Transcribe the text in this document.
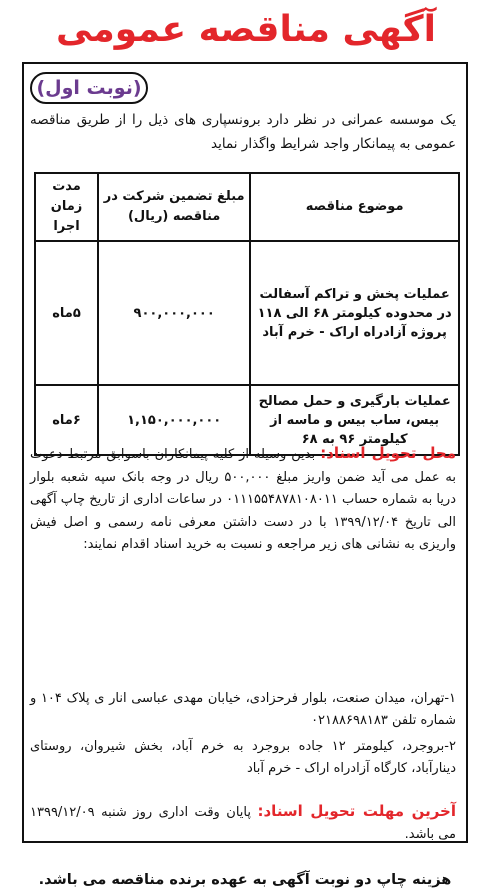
آگهی مناقصه عمومی
(نوبت اول)
یک موسسه عمرانی در نظر دارد برونسپاری های ذیل را از طریق مناقصه عمومی به پیمانکار واجد شرایط واگذار نماید
موضوع مناقصه	مبلغ تضمین شرکت در مناقصه (ریال)	مدت زمان اجرا
عملیات پخش و تراکم آسفالت در محدوده کیلومتر ۶۸ الی ۱۱۸ پروژه آزادراه اراک - خرم آباد	۹۰۰,۰۰۰,۰۰۰	۵ماه
عملیات بارگیری و حمل مصالح بیس، ساب بیس و ماسه از کیلومتر ۹۶ به ۶۸	۱,۱۵۰,۰۰۰,۰۰۰	۶ماه
محل تحویل اسناد: بدین وسیله از کلیه پیمانکاران باسوابق مرتبط دعوت به عمل می آید ضمن واریز مبلغ ۵۰۰,۰۰۰ ریال در وجه بانک سپه شعبه بلوار دریا به شماره حساب ۰۱۱۱۵۵۴۸۷۸۱۰۸۰۱۱ در ساعات اداری از تاریخ چاپ آگهی الی تاریخ ۱۳۹۹/۱۲/۰۴ با در دست داشتن معرفی نامه رسمی و اصل فیش واریزی به نشانی های زیر مراجعه و نسبت به خرید اسناد اقدام نمایند:
۱-تهران، میدان صنعت، بلوار فرحزادی، خیابان مهدی عباسی انار ی پلاک ۱۰۴ و شماره تلفن ۰۲۱۸۸۶۹۸۱۸۳
۲-بروجرد، کیلومتر ۱۲ جاده بروجرد به خرم آباد، بخش شیروان، روستای دینارآباد، کارگاه آزادراه اراک - خرم آباد
آخرین مهلت تحویل اسناد: پایان وقت اداری روز شنبه ۱۳۹۹/۱۲/۰۹ می باشد.
هزینه چاپ دو نوبت آگهی به عهده برنده مناقصه می باشد.
